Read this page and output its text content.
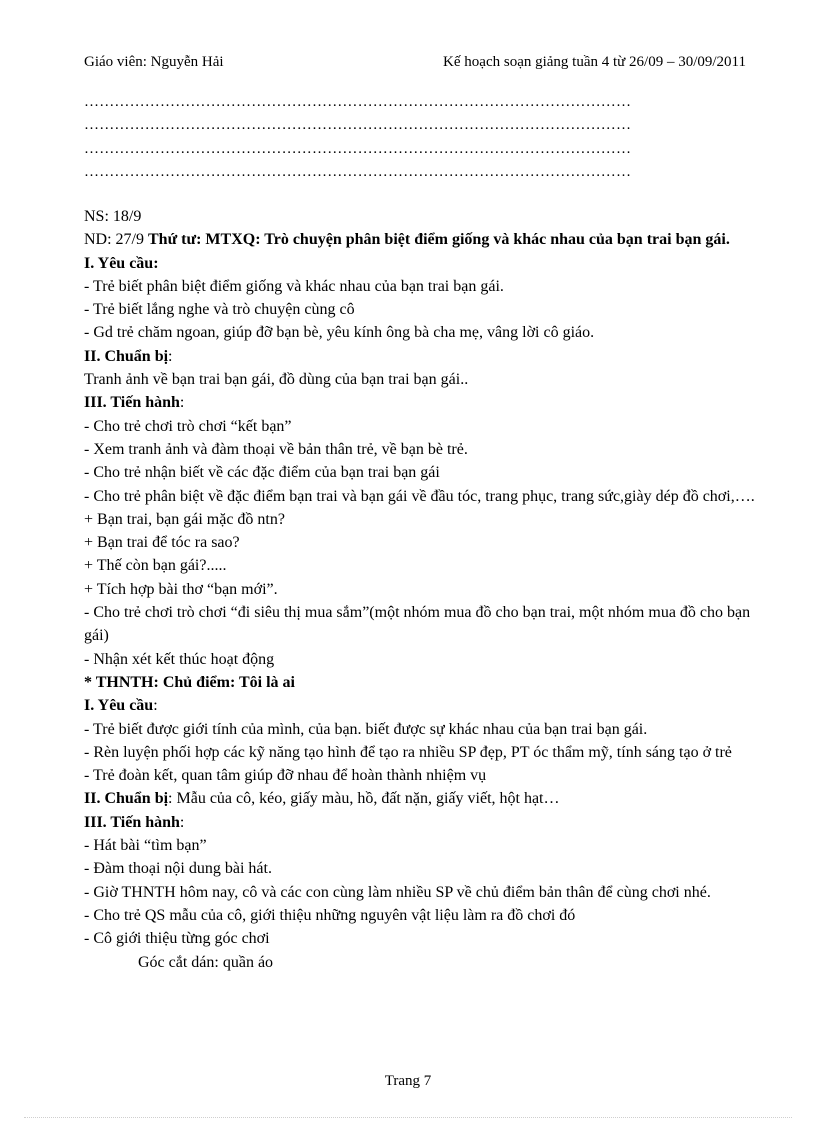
Giáo viên: Nguyễn Hải	Kế hoạch soạn giảng tuần 4 từ 26/09 – 30/09/2011
………………………………………………………………………………………………
………………………………………………………………………………………………
………………………………………………………………………………………………
………………………………………………………………………………………………

NS: 18/9

ND: 27/9 Thứ tư: MTXQ: Trò chuyện phân biệt điểm giống và khác nhau của bạn trai bạn gái.

I. Yêu cầu:

- Trẻ biết phân biệt điểm giống và khác nhau của bạn trai bạn gái.

- Trẻ biết lắng nghe và trò chuyện cùng cô

- Gd trẻ chăm ngoan, giúp đỡ bạn bè, yêu kính ông bà cha mẹ, vâng lời cô giáo.

II. Chuẩn bị:

Tranh ảnh về bạn trai bạn gái, đồ dùng của bạn trai bạn gái..

III. Tiến hành:

- Cho trẻ chơi trò chơi “kết bạn”

- Xem tranh ảnh và đàm thoại về bản thân trẻ, về bạn bè trẻ.

- Cho trẻ nhận biết về các đặc điểm của bạn trai bạn gái

- Cho trẻ phân biệt về đặc điểm bạn trai và bạn gái về đầu tóc, trang phục, trang sức,giày dép đồ chơi,….

+ Bạn trai, bạn gái mặc đồ ntn?

+ Bạn trai để tóc ra sao?

+ Thế còn bạn gái?.....

+ Tích hợp bài thơ “bạn mới”.

- Cho trẻ chơi trò chơi “đi siêu thị mua sắm”(một nhóm mua đồ cho bạn trai, một nhóm mua đồ cho bạn gái)

- Nhận xét kết thúc hoạt động

* THNTH: Chủ điểm: Tôi là ai

I. Yêu cầu:

- Trẻ biết được giới tính của mình, của bạn. biết được sự khác nhau của bạn trai bạn gái.

- Rèn luyện phối hợp các kỹ năng tạo hình để tạo ra nhiều SP đẹp, PT óc thẩm mỹ, tính sáng tạo ở trẻ

- Trẻ đoàn kết, quan tâm giúp đỡ nhau để hoàn thành nhiệm vụ

II. Chuẩn bị: Mẫu của cô, kéo, giấy màu, hồ, đất nặn, giấy viết, hột hạt…

III. Tiến hành:

- Hát bài “tìm bạn”

- Đàm thoại nội dung bài hát.

- Giờ THNTH hôm nay, cô và các con cùng làm nhiều SP về chủ điểm bản thân để cùng chơi nhé.

- Cho trẻ QS mẫu của cô, giới thiệu những nguyên vật liệu làm ra đồ chơi đó

- Cô giới thiệu từng góc chơi

Góc cắt dán: quần áo

Trang 7
